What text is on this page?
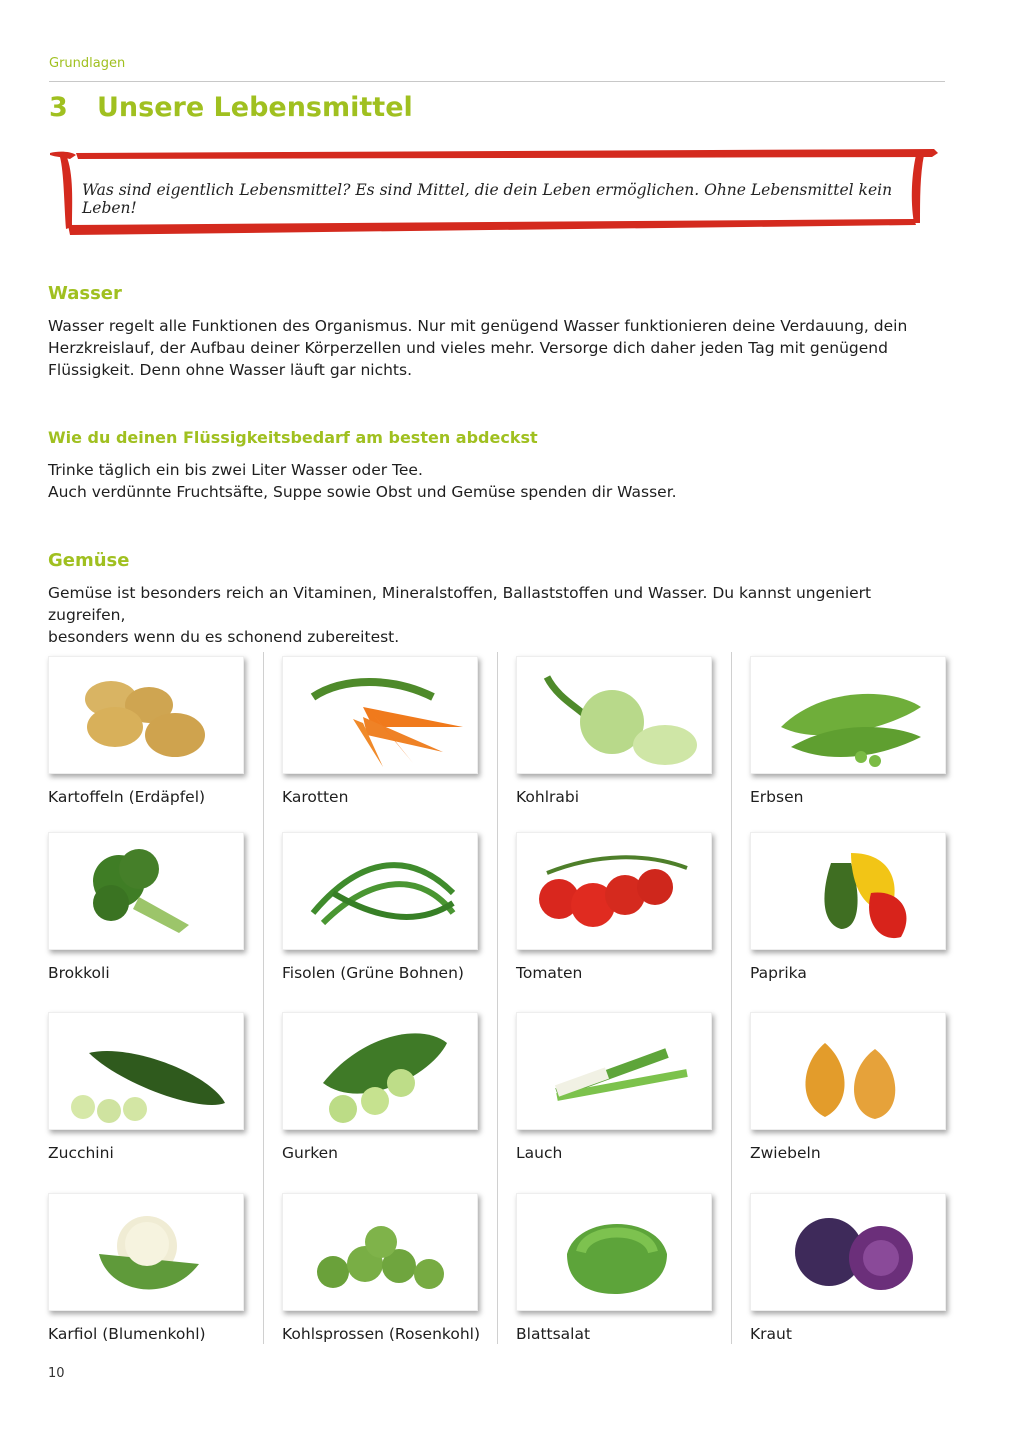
Grundlagen
3 Unsere Lebensmittel
Was sind eigentlich Lebensmittel? Es sind Mittel, die dein Leben ermöglichen. Ohne Lebensmittel kein Leben!
Wasser

Wasser regelt alle Funktionen des Organismus. Nur mit genügend Wasser funktionieren deine Verdauung, dein Herzkreislauf, der Aufbau deiner Körperzellen und vieles mehr. Versorge dich daher jeden Tag mit genügend Flüssigkeit. Denn ohne Wasser läuft gar nichts.

Wie du deinen Flüssigkeitsbedarf am besten abdeckst
Trinke täglich ein bis zwei Liter Wasser oder Tee.
Auch verdünnte Fruchtsäfte, Suppe sowie Obst und Gemüse spenden dir Wasser.
Gemüse
Gemüse ist besonders reich an Vitaminen, Mineralstoffen, Ballaststoffen und Wasser. Du kannst ungeniert zugreifen,
besonders wenn du es schonend zubereitest.
Kartoffeln (Erdäpfel)	Karotten	Kohlrabi	Erbsen
Brokkoli	Fisolen (Grüne Bohnen)	Tomaten	Paprika
Zucchini	Gurken	Lauch	Zwiebeln
Karfiol (Blumenkohl)	Kohlsprossen (Rosenkohl) Blattsalat	Kraut
10
